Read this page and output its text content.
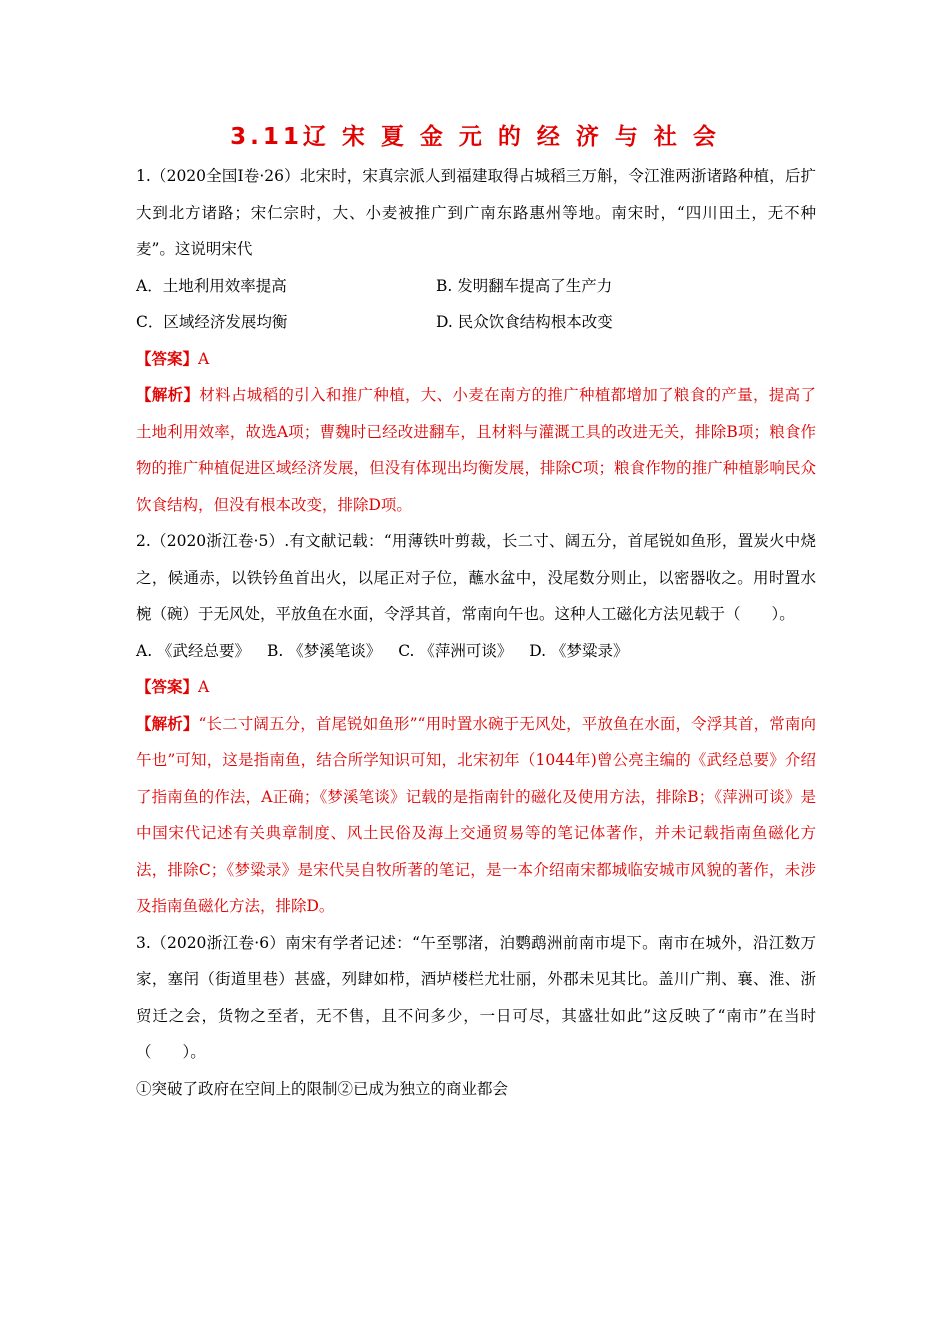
3.11辽 宋 夏 金 元 的 经 济 与 社 会

1.（2020全国Ⅰ卷·26）北宋时，宋真宗派人到福建取得占城稻三万斛，令江淮两浙诸路种植，后扩大到北方诸路；宋仁宗时，大、小麦被推广到广南东路惠州等地。南宋时，“四川田土，无不种麦”。这说明宋代

A．土地利用效率提高	B. 发明翻车提高了生产力
C．区域经济发展均衡	D. 民众饮食结构根本改变

【答案】A

【解析】材料占城稻的引入和推广种植，大、小麦在南方的推广种植都增加了粮食的产量，提高了土地利用效率，故选A项；曹魏时已经改进翻车，且材料与灌溉工具的改进无关，排除B项；粮食作物的推广种植促进区域经济发展，但没有体现出均衡发展，排除C项；粮食作物的推广种植影响民众饮食结构，但没有根本改变，排除D项。

2.（2020浙江卷·5）.有文献记载：“用薄铁叶剪裁，长二寸、阔五分，首尾锐如鱼形，置炭火中烧之，候通赤，以铁钤鱼首出火，以尾正对子位，蘸水盆中，没尾数分则止，以密器收之。用时置水椀（碗）于无风处，平放鱼在水面，令浮其首，常南向午也。这种人工磁化方法见载于（　　）。

A. 《武经总要》 B. 《梦溪笔谈》 C. 《萍洲可谈》 D. 《梦粱录》

【答案】A

【解析】“长二寸阔五分，首尾锐如鱼形”“用时置水碗于无风处，平放鱼在水面，令浮其首，常南向午也”可知，这是指南鱼，结合所学知识可知，北宋初年（1044年)曾公亮主编的《武经总要》介绍了指南鱼的作法，A正确；《梦溪笔谈》记载的是指南针的磁化及使用方法，排除B；《萍洲可谈》是中国宋代记述有关典章制度、风土民俗及海上交通贸易等的笔记体著作，并未记载指南鱼磁化方法，排除C；《梦粱录》是宋代吴自牧所著的笔记，是一本介绍南宋都城临安城市风貌的著作，未涉及指南鱼磁化方法，排除D。

3.（2020浙江卷·6）南宋有学者记述：“午至鄂渚，泊鹦鹉洲前南市堤下。南市在城外，沿江数万家，塞闬（街道里巷）甚盛，列肆如栉，酒垆楼栏尤壮丽，外郡未见其比。盖川广荆、襄、淮、浙贸迁之会，货物之至者，无不售，且不问多少，一日可尽，其盛壮如此”这反映了“南市”在当时（　　）。

①突破了政府在空间上的限制②已成为独立的商业都会
